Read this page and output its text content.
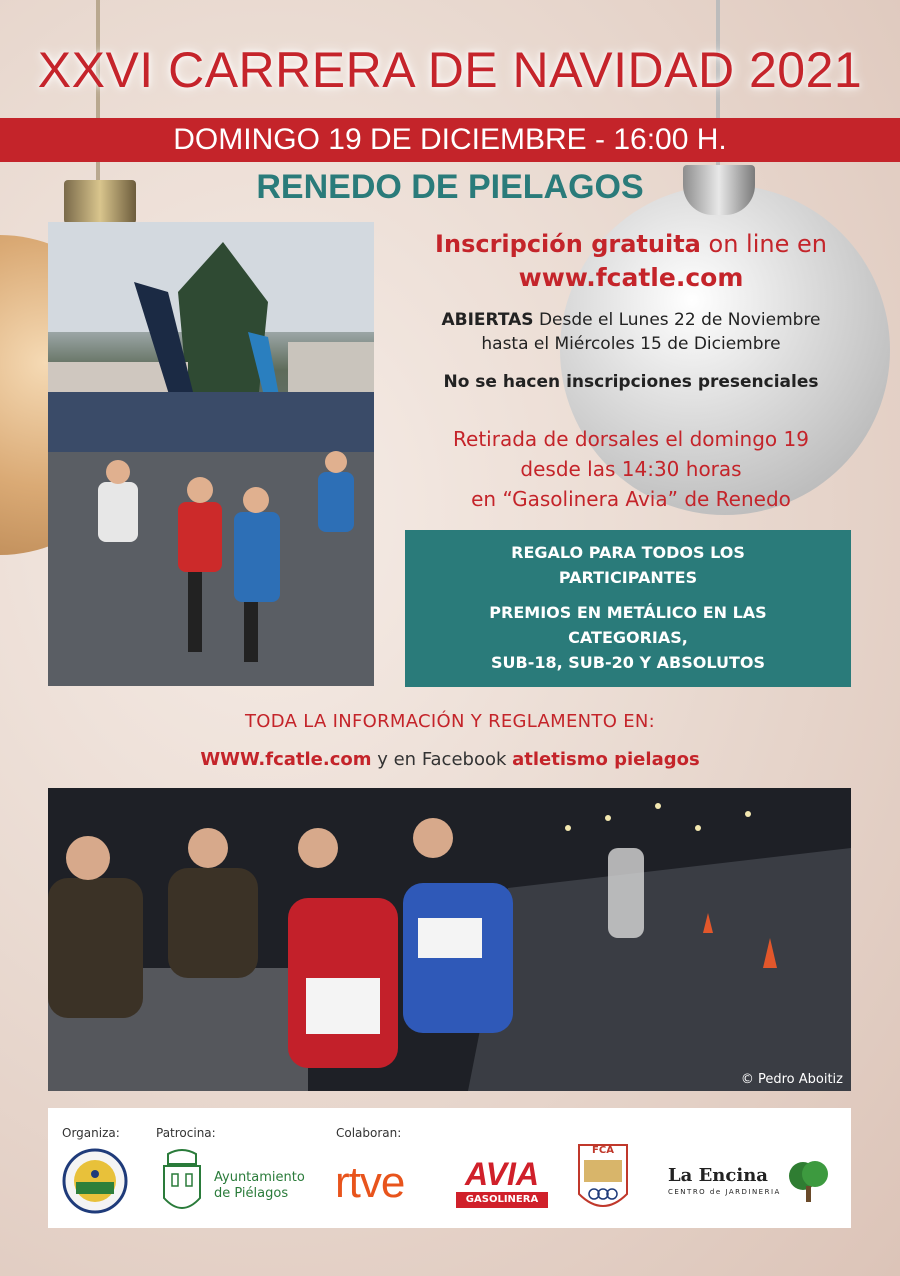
XXVI CARRERA DE NAVIDAD 2021
DOMINGO 19 DE DICIEMBRE - 16:00 H.
RENEDO DE PIELAGOS
Inscripción gratuita on line en
www.fcatle.com
ABIERTAS Desde el Lunes 22 de Noviembre
hasta el Miércoles 15 de Diciembre
No se hacen inscripciones presenciales
Retirada de dorsales el domingo 19
desde las 14:30 horas
en “Gasolinera Avia” de Renedo
REGALO PARA TODOS LOS
PARTICIPANTES
PREMIOS EN METÁLICO EN LAS
CATEGORIAS,
SUB-18, SUB-20 Y ABSOLUTOS
TODA LA INFORMACIÓN Y REGLAMENTO EN:
WWW.fcatle.com y en Facebook atletismo pielagos
© Pedro Aboitiz
Organiza:	Patrocina:	Colaboran:
Ayuntamiento
de Piélagos	rtve AVIA
GASOLINERA
FCA
La Encina
CENTRO de JARDINERIA
